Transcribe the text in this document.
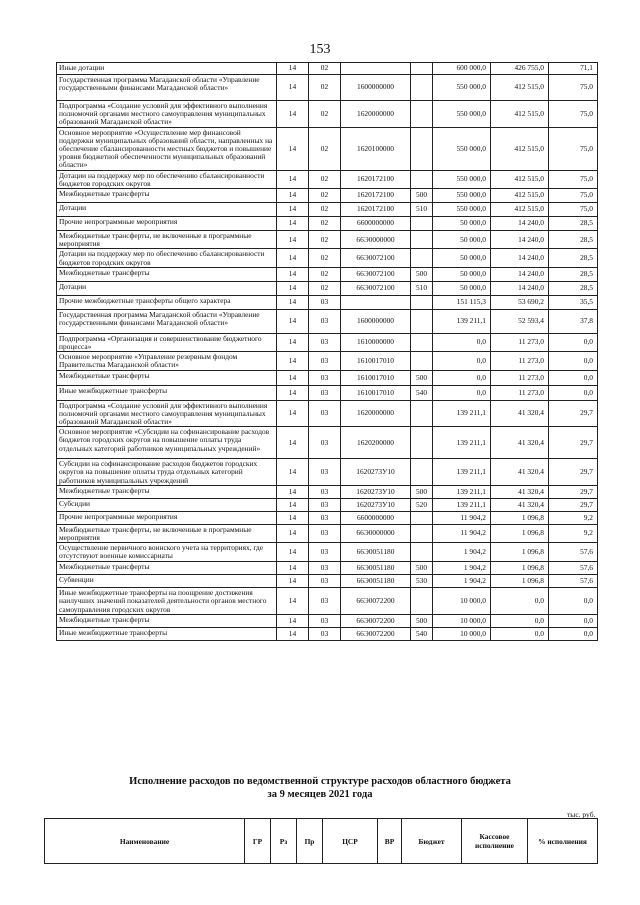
153
Иные дотации	14	02			600 000,0	426 755,0	71,1
Государственная программа Магаданской области «Управление государственными финансами Магаданской области»	14	02	1600000000		550 000,0	412 515,0	75,0
Подпрограмма «Создание условий для эффективного выполнения полномочий органами местного самоуправления муниципальных образований Магаданской области»	14	02	1620000000		550 000,0	412 515,0	75,0
Основное мероприятие «Осуществление мер финансовой поддержки муниципальных образований области, направленных на обеспечение сбалансированности местных бюджетов и повышение уровня бюджетной обеспеченности муниципальных образований области»	14	02	1620100000		550 000,0	412 515,0	75,0
Дотации на поддержку мер по обеспечению сбалансированности бюджетов городских округов	14	02	1620172100		550 000,0	412 515,0	75,0
Межбюджетные трансферты	14	02	1620172100	500	550 000,0	412 515,0	75,0
Дотации	14	02	1620172100	510	550 000,0	412 515,0	75,0
Прочие непрограммные мероприятия	14	02	6600000000		50 000,0	14 240,0	28,5
Межбюджетные трансферты, не включенные в программные мероприятия	14	02	66Э0000000		50 000,0	14 240,0	28,5
Дотации на поддержку мер по обеспечению сбалансированности бюджетов городских округов	14	02	66Э0072100		50 000,0	14 240,0	28,5
Межбюджетные трансферты	14	02	66Э0072100	500	50 000,0	14 240,0	28,5
Дотации	14	02	66Э0072100	510	50 000,0	14 240,0	28,5
Прочие межбюджетные трансферты общего характера	14	03			151 115,3	53 690,2	35,5
Государственная программа Магаданской области «Управление государственными финансами Магаданской области»	14	03	1600000000		139 211,1	52 593,4	37,8
Подпрограмма «Организация и совершенствование бюджетного процесса»	14	03	1610000000		0,0	11 273,0	0,0
Основное мероприятие «Управление резервным фондом Правительства Магаданской области»	14	03	1610017010		0,0	11 273,0	0,0
Межбюджетные трансферты	14	03	1610017010	500	0,0	11 273,0	0,0
Иные межбюджетные трансферты	14	03	1610017010	540	0,0	11 273,0	0,0
Подпрограмма «Создание условий для эффективного выполнения полномочий органами местного самоуправления муниципальных образований Магаданской области»	14	03	1620000000		139 211,1	41 320,4	29,7
Основное мероприятие «Субсидии на софинансирование расходов бюджетов городских округов на повышение оплаты труда отдельных категорий работников муниципальных учреждений»	14	03	1620200000		139 211,1	41 320,4	29,7
Субсидии на софинансирование расходов бюджетов городских округов на повышение оплаты труда отдельных категорий работников муниципальных учреждений	14	03	1620273У10		139 211,1	41 320,4	29,7
Межбюджетные трансферты	14	03	1620273У10	500	139 211,1	41 320,4	29,7
Субсидии	14	03	1620273У10	520	139 211,1	41 320,4	29,7
Прочие непрограммные мероприятия	14	03	6600000000		11 904,2	1 096,8	9,2
Межбюджетные трансферты, не включенные в программные мероприятия	14	03	66Э0000000		11 904,2	1 096,8	9,2
Осуществление первичного воинского учета на территориях, где отсутствуют военные комиссариаты	14	03	66Э0051180		1 904,2	1 096,8	57,6
Межбюджетные трансферты	14	03	66Э0051180	500	1 904,2	1 096,8	57,6
Субвенции	14	03	66Э0051180	530	1 904,2	1 096,8	57,6
Иные межбюджетные трансферты на поощрение достижения наилучших значений показателей деятельности органов местного самоуправления городских округов	14	03	66Э0072200		10 000,0	0,0	0,0
Межбюджетные трансферты	14	03	66Э0072200	500	10 000,0	0,0	0,0
Иные межбюджетные трансферты	14	03	66Э0072200	540	10 000,0	0,0	0,0
Исполнение расходов по ведомственной структуре расходов областного бюджета
за 9 месяцев 2021 года
тыс. руб.
Наименование	ГР	Рз	Пр	ЦСР	ВР	Бюджет	Кассовое исполнение	% исполнения
